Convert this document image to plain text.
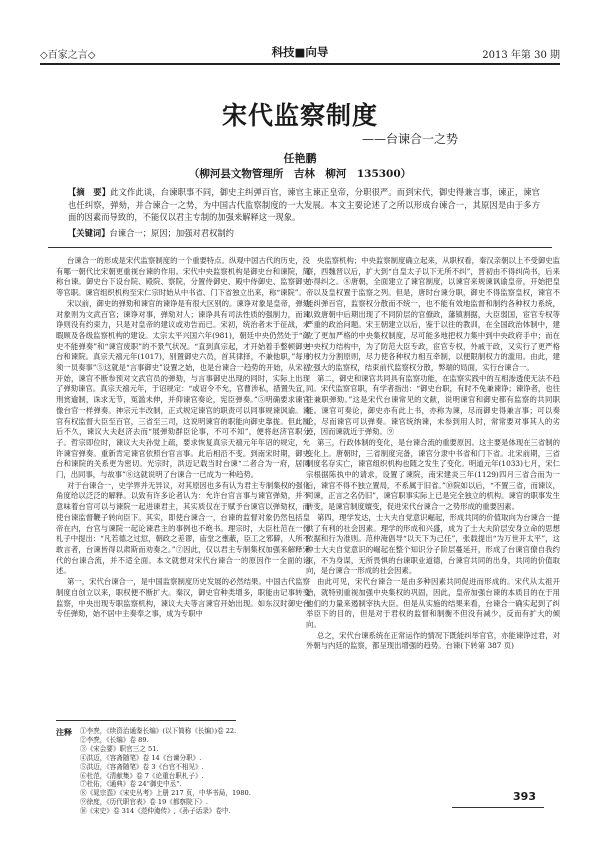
◇百家之言◇	科技■向导	2013 年第 30 期
宋代监察制度
——台谏合一之势
任艳鹏
（柳河县文物管理所　吉林　柳河　135300）
【摘　要】此文作此谈，台谏职事不同，御史主纠弹百官，谏官主谏正皇帝，分职很严。而到宋代，御史得兼言事，谏正，谏官也任纠察，弹劾，并合谏合一之势，为中国古代监察制度的一大发展。本文主要论述了之所以形成台谏合一，其原因是由于多方面的因素而导致的，不能仅以君主专制的加强来解释这一现象。
【关键词】台谏合一；原因；加强对君权制约

台谏合一的形成是宋代监察制度的一个重要特点。纵观中国古代的历史，没有哪一朝代比宋朝更重视台谏的作用。宋代中央监察机构是御史台和谏院，简称台谏。御史台下设台院、殿院、察院，分置侍御史、殿中侍御史、监察御史等官职。谏官组织机构至宋仁宗时始从中书省、门下省独立出来，称“谏院”。

宋以前，御史的弹劾和谏官的谏诤是有很大区别的。谏诤对象是皇帝，弹劾对象则为文武百官；谏诤对事，弹劾对人；谏诤具有司法性质的强制力，而谏诤则没有约束力，只是对皇帝的建议或劝告而已。宋初，统治者未于征战，未暇顾及各级监察机构的建设。太宗太平兴国六年(981)，朝廷中央仍然处于“御史不能弹奏”和“谏官废职”的不景气状况。“直到真宗起，才开始着手整顿御史台和谏院。真宗天禧元年(1017)，别置御史六员，首其律择，不兼他职，”每月须一员奏事”⑤这就是“言事御史”设置之始，也是台谏合一趋势的开始，从宋初开始，谏官不断参预对文武官员的弹劾，与言事御史出现的同时，实际上出现了弹劾谏官。真宗天禧元年，于诏规定：“或诏令不允，官曹涉私，措置失宜，刑赏逾制，诛求无节，冤滥未伸，并仰谏官奏论，宪臣弹奏。”⑤明确要求谏官像台官一样弹奏。神宗元丰改制，正式规定谏官的职责可以同事规谏讽谕。谏官有权监督大臣至百官，三省至三司，这说明谏官的职能向御史靠拢。但此制后不久，谏议大夫赵济去而“展弹劾群臣论事，不可不知”，便将赵济官职分子。哲宗即位时，谏议大夫孙觉上疏，要求恢复真宗天禧元年年诏的规定，允许谏官弹奏。重新肯定谏官依照台官言事。此后相沿不变。到南宋时期，御史台和谏院的关系更为密切。光宗时，洪迈记载当时台谏“二者合为一府，居同门，出同事，与故事”⑧这就说明了台谏合一已成为一种趋势。

对于台谏合一，史学界并无异议，对其原因也多有认为君主专制集权的强化角度给以泛泛的解释。以致有许多论者认为：允许台官言事与谏官弹劾，并不意味着台官可以与谏院一起进谏君主，其实质仅在于赋予台谏官以弹劾权，而使台谏监督鞭子转向臣下。其实，即使台谏合一，台谏的监督对象仍然包括皇帝在内，台官与谏院一起论谏君主的事例也不绝书。理宗时，大臣杜范在一份札子中提出：“凡若德之过愆，朝政之差谬，庙堂之壅蔽，臣工之邪僻，人所不敢言者，台谏皆得以肃斯而劝奏之。”⑦因此，仅以君主专制集权加强来解释宋代的台谏合流，并不适全面。本文就想对宋代台谏合一的原因作一全面的论述。

第一，宋代台谏合一，是中国监察制度历史发展的必然结果。中国古代监察制度自创立以来，职权便不断扩大。秦汉，御史官种类增多，职能由记事转变监察，中央出现专职监察机构，谏议大夫等言谏官开始出现。如东汉时御史台专任弹劾，始不居中主奏奉之事，成为专职中

央监察机构；中央监察制度确立起来，从职权看，秦汉亲朝以上不受御史监察，西魏晋以后，扩大到“自皇太子以下无所不纠”，晋初由不得纠尚书，后来亦得纠之。⑧唐朝，全面建立了谏官制度，以谏官来规谏讽谕皇帝，开始把皇帝以及皇权置于监察之列。但是，唐时台谏分职，御史不得监察皇权，谏官不能纠弹百官，监察权分散而不统一，也不能有效地监督和制约各种权力系统，以致唐朝中后期出现了不同阶层的官僚政，藩镇割据，大臣弱国，宦官专权等严重的政治问题。宋王朝建立以后，鉴于以往的教训，在全国政治体制中，建立了更加严格的中央集权制度，尽可能多地把权力集中到中央政府手中；而在中央权力结构中，为了防范大臣专政，宦官专权，外戚干政，又实行了更严格的权力分割原则，尽力使各种权力相互牵制，以便限制权力的滥用。由此，建立强大的监察权，结束前代监察权分散，弊端的局面，实行台谏合一。

第二，御史和谏官共同具有监察功能，在监察实践中的互相渗透使无法不趋同。宋代监察官职，有学者指出：“御史台职，有时不免兼谏诤；谏诤者，也往往兼职弹劾。”这是宋代台谏常见的文献，说明谏官和御史都有监察的共同职能。谏官可奏论，御史亦有此上书，亦称为谏，尽而御史得兼言事；可以奏论，尽而谏官可以弹奏。谏官统纳谏，未参到用人时，常常要对事其人的劣迹，因而谏就近于弹劾。⑨

第三，行政体制的变化，是台谏合流的重要原因。这主要是体现在三省制的变化上。唐朝时，三省制度完备，谏官分隶中书省和门下省。北宋前期，三省制度名存实亡，谏官组织机构也随之发生了变化。明道元年(1033)七月，宋仁宗根据陈执中的请求，设置了谏院，南宋建炎三年(1129)四月三省合而为一后，谏官不得不独立置局，不系属于旧省。”⑩院如以后，“不置三省，而谏议，司谏，正言之名仍旧”，谏官职事实际上已是完全独立的机构。谏官的职事发生转变，是谏官制度嬗变，促进宋代台谏合一之势形成的重要因素。

第四，理学发达，士大夫自觉意识崛起，形成共同的价值取向为台谏合一提供了有利的社会因素。理学的形成和兴盛，成为了士大夫阶层安身立命的思想依据和行为准则。范仲淹倡导“以天下为己任”，张载提出“为万世开太平”，这种士大夫自觉意识的崛起在整个知识分子阶层蔓延开，形成了台谏官僚自我约束，不为身谋，无所畏惧的台谏职业道德，台谏官共同的出身，共同的价值取向，是台谏合一形成的社会因素。

由此可见，宋代台谏合一是由多种因素共同促进而形成的。宋代从太祖开始，就特别重视加强中央集权的巩固，因此，皇帝加强台谏的本质目的在于用他们的力量来遏制宰执大臣。但是从实施的结果来看，台谏合一确实起到了纠举臣下的目的，但是对于君权的监督和制衡不但没有减少，反而有扩大的倾向。

总之，宋代台谏系统在正常运作的情况下既能纠举官官，亦能谏诤过君，对外朝与内廷的监察，都呈现出增强的趋势。台谏(下转第 387 页)

注释 ①李焘，《续资治通鉴长编》(以下简称《长编》)卷 22.
②李焘，《长编》卷 89.
③《宋会要》职官三之 51.
④洪迈，《容斋随笔》卷 14《台谏分职》.
⑤洪迈，《容斋随笔》卷 3《台官不相见》.
⑥杜范，《清献集》卷 7《论重台职札子》.
⑦杜佑，《通典》卷 24“御史中丞”.
⑧《晁宗悫》《宋史丛考》上册 217 页，中华书局，1980.
⑨徐度，《历代职官表》卷 19《都察院下》.
⑩《宋史》卷 314《范仲淹传》,《孙子话录》卷中.
393
